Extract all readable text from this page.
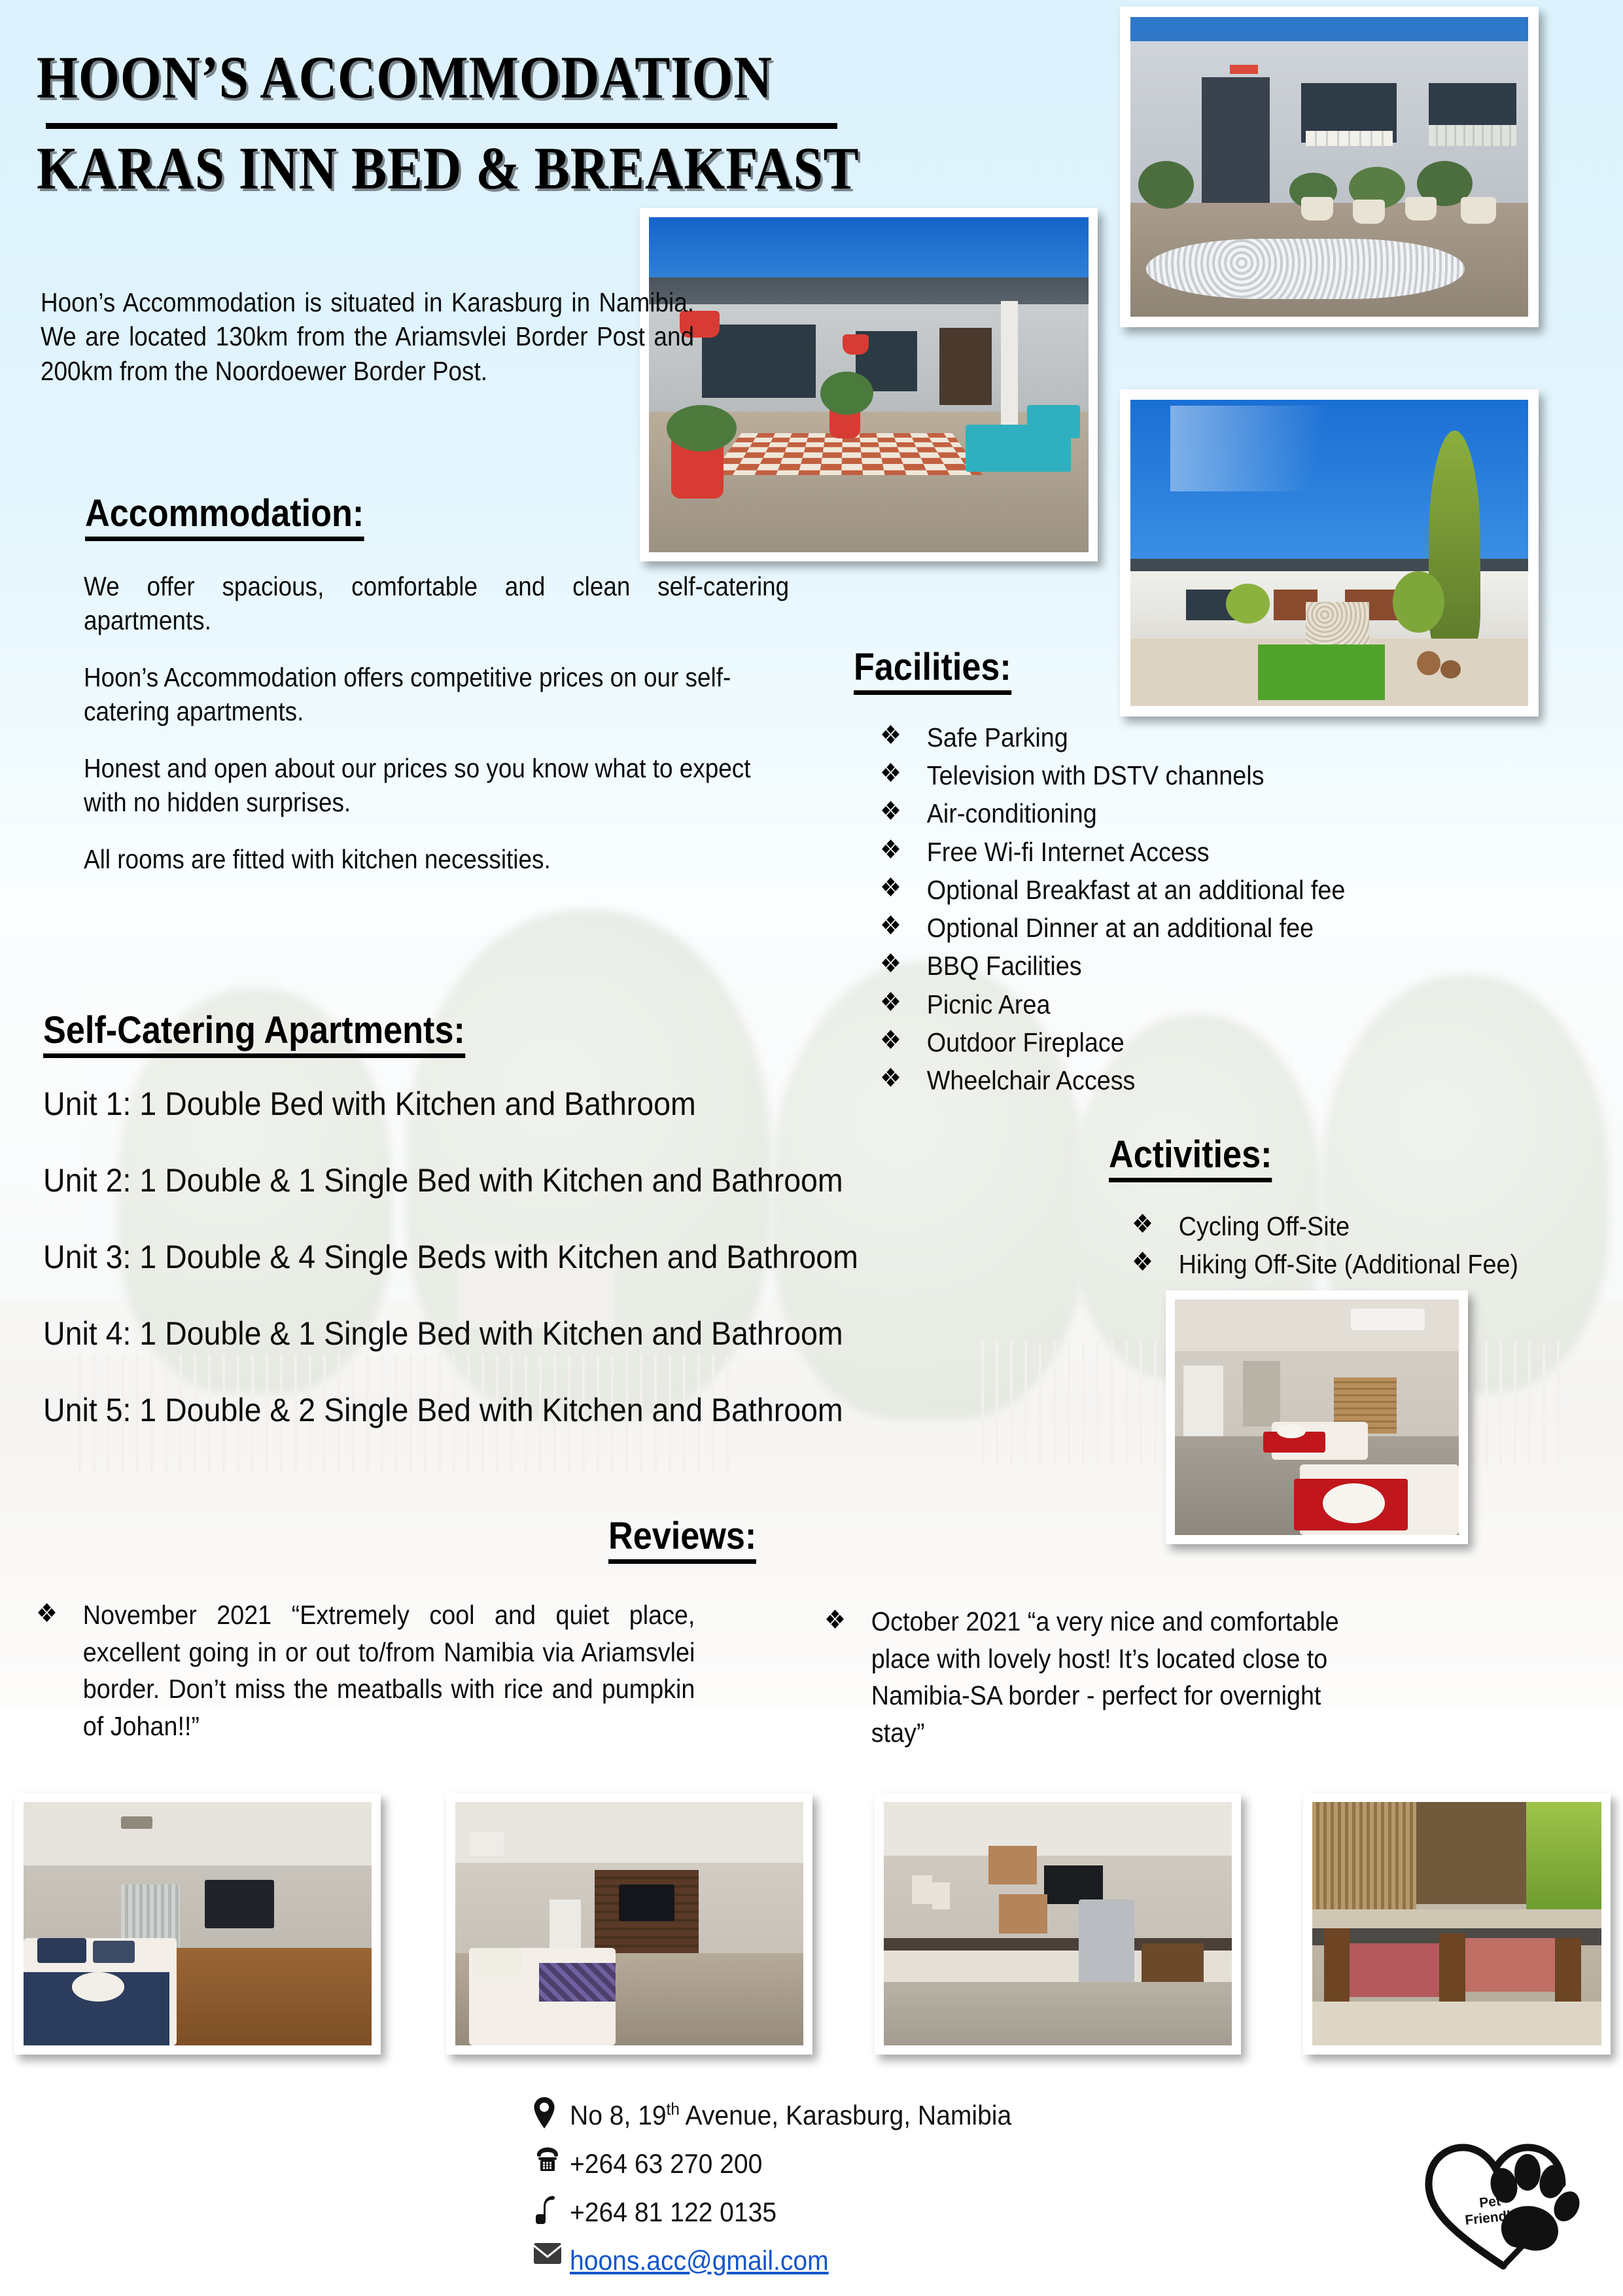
HOON’S ACCOMMODATION
KARAS INN BED & BREAKFAST

Hoon’s Accommodation is situated in Karasburg in Namibia. We are located 130km from the Ariamsvlei Border Post and 200km from the Noordoewer Border Post.

Accommodation:

We offer spacious, comfortable and clean self-catering apartments.

Hoon’s Accommodation offers competitive prices on our self-catering apartments.

Honest and open about our prices so you know what to expect with no hidden surprises.

All rooms are fitted with kitchen necessities.

Facilities:
❖ Safe Parking
❖ Television with DSTV channels
❖ Air-conditioning
❖ Free Wi-fi Internet Access
❖ Optional Breakfast at an additional fee
❖ Optional Dinner at an additional fee
❖ BBQ Facilities
❖ Picnic Area
❖ Outdoor Fireplace
❖ Wheelchair Access
Self-Catering Apartments:
Unit 1: 1 Double Bed with Kitchen and Bathroom
Unit 2: 1 Double & 1 Single Bed with Kitchen and Bathroom
Unit 3: 1 Double & 4 Single Beds with Kitchen and Bathroom
Unit 4: 1 Double & 1 Single Bed with Kitchen and Bathroom
Unit 5: 1 Double & 2 Single Bed with Kitchen and Bathroom
Activities:
❖ Cycling Off-Site
❖ Hiking Off-Site (Additional Fee)
Reviews:
❖ November 2021 “Extremely cool and quiet place, excellent going in or out to/from Namibia via Ariamsvlei border. Don’t miss the meatballs with rice and pumpkin of Johan!!”
❖ October 2021 “a very nice and comfortable place with lovely host! It’s located close to Namibia-SA border - perfect for overnight stay”
No 8, 19th Avenue, Karasburg, Namibia
+264 63 270 200
+264 81 122 0135
hoons.acc@gmail.com
Pet
Friendly
